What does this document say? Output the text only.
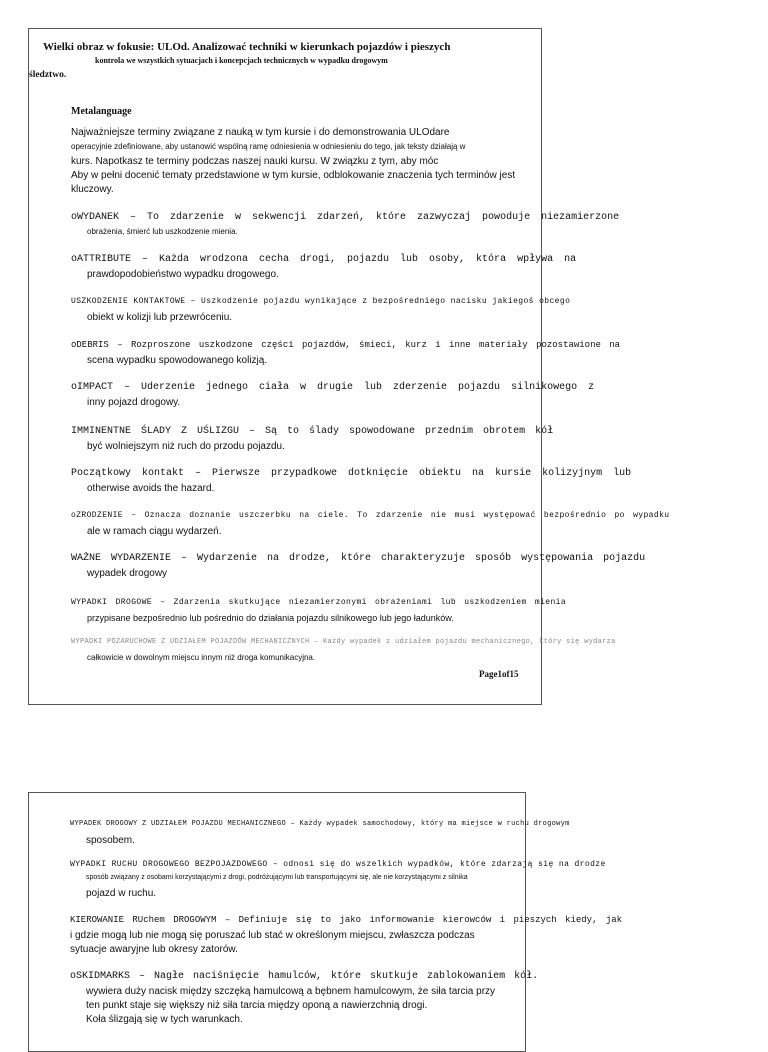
Wielki obraz w fokusie: ULOd. Analizować techniki w kierunkach pojazdów i pieszych
kontrola we wszystkich sytuacjach i koncepcjach technicznych w wypadku drogowym
śledztwo.
Metalanguage
Najważniejsze terminy związane z nauką w tym kursie i do demonstrowania ULOdare
operacyjnie zdefiniowane, aby ustanowić wspólną ramę odniesienia w odniesieniu do tego, jak teksty działają w
kurs. Napotkasz te terminy podczas naszej nauki kursu. W związku z tym, aby móc
Aby w pełni docenić tematy przedstawione w tym kursie, odblokowanie znaczenia tych terminów jest
kluczowy.
oWYDANEK – To zdarzenie w sekwencji zdarzeń, które zazwyczaj powoduje niezamierzone
obrażenia, śmierć lub uszkodzenie mienia.
oATTRIBUTE – Każda wrodzona cecha drogi, pojazdu lub osoby, która wpływa na
prawdopodobieństwo wypadku drogowego.
USZKODZENIE KONTAKTOWE – Uszkodzenie pojazdu wynikające z bezpośredniego nacisku jakiegoś obcego
obiekt w kolizji lub przewróceniu.
oDEBRIS – Rozproszone uszkodzone części pojazdów, śmieci, kurz i inne materiały pozostawione na
scena wypadku spowodowanego kolizją.
oIMPACT – Uderzenie jednego ciała w drugie lub zderzenie pojazdu silnikowego z
inny pojazd drogowy.
IMMINENTNE ŚLADY Z UŚLIZGU – Są to ślady spowodowane przednim obrotem kół
być wolniejszym niż ruch do przodu pojazdu.
Początkowy kontakt – Pierwsze przypadkowe dotknięcie obiektu na kursie kolizyjnym lub
otherwise avoids the hazard.
oZRODZENIE – Oznacza doznanie uszczerbku na ciele. To zdarzenie nie musi występować bezpośrednio po wypadku
ale w ramach ciągu wydarzeń.
WAŻNE WYDARZENIE – Wydarzenie na drodze, które charakteryzuje sposób występowania pojazdu
wypadek drogowy
WYPADKI DROGOWE – Zdarzenia skutkujące niezamierzonymi obrażeniami lub uszkodzeniem mienia
przypisane bezpośrednio lub pośrednio do działania pojazdu silnikowego lub jego ładunków.
WYPADKI POZARUCHOWE Z UDZIAŁEM POJAZDÓW MECHANICZNYCH – Każdy wypadek z udziałem pojazdu mechanicznego, który się wydarza
całkowicie w dowolnym miejscu innym niż droga komunikacyjna.
Page1of15
WYPADEK DROGOWY Z UDZIAŁEM POJAZDU MECHANICZNEGO – Każdy wypadek samochodowy, który ma miejsce w ruchu drogowym
sposobem.
WYPADKI RUCHU DROGOWEGO BEZPOJAZDOWEGO – odnosi się do wszelkich wypadków, które zdarzają się na drodze
sposób związany z osobami korzystającymi z drogi, podróżującymi lub transportującymi się, ale nie korzystającymi z silnika
pojazd w ruchu.
KIEROWANIE RUchem DROGOWYM – Definiuje się to jako informowanie kierowców i pieszych kiedy, jak
i gdzie mogą lub nie mogą się poruszać lub stać w określonym miejscu, zwłaszcza podczas
sytuacje awaryjne lub okresy zatorów.
oSKIDMARKS – Nagłe naciśnięcie hamulców, które skutkuje zablokowaniem kół.
wywiera duży nacisk między szczęką hamulcową a bębnem hamulcowym, że siła tarcia przy
ten punkt staje się większy niż siła tarcia między oponą a nawierzchnią drogi.
Koła ślizgają się w tych warunkach.
